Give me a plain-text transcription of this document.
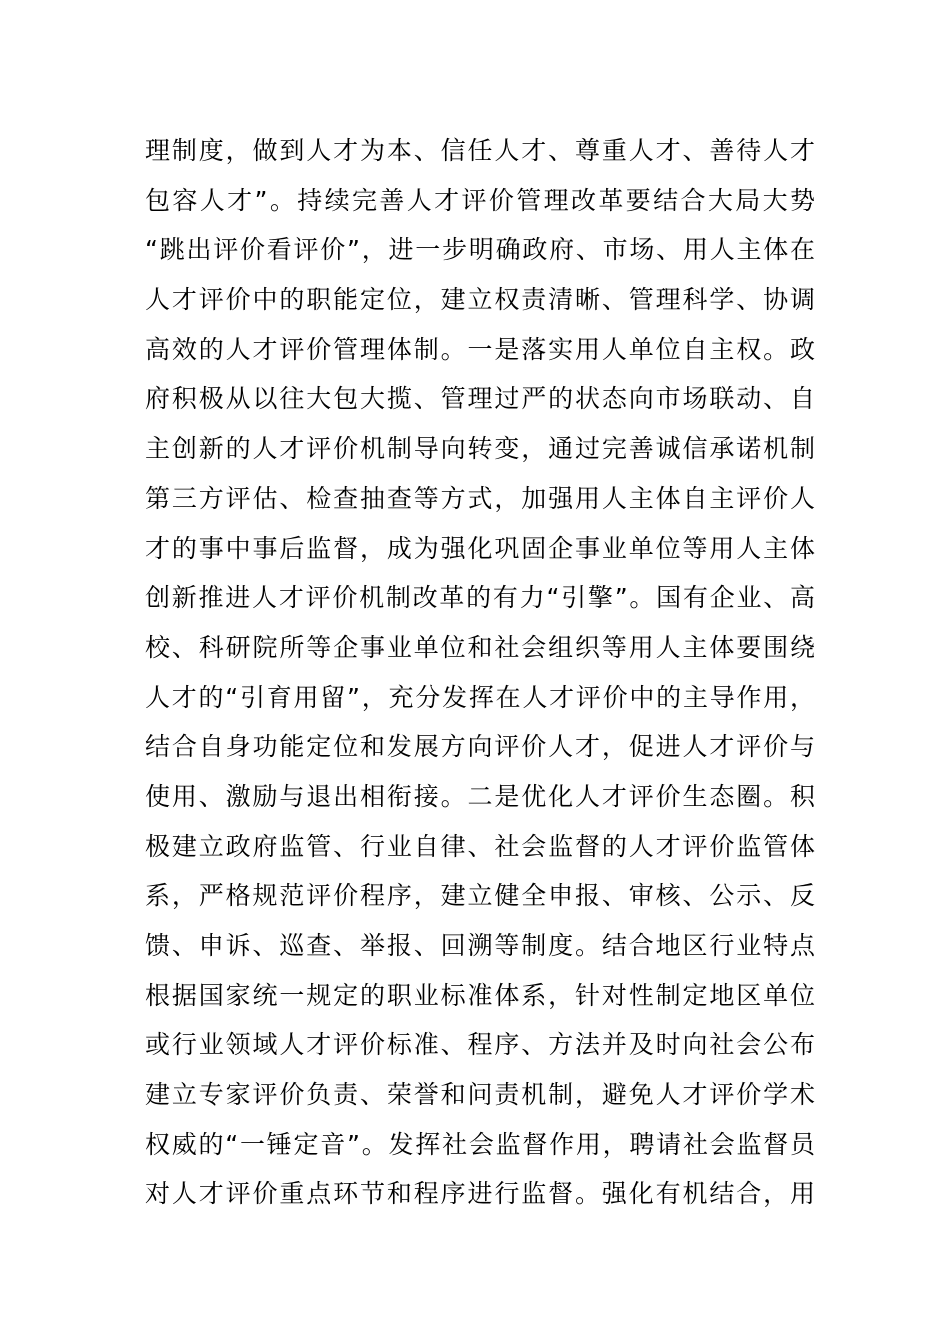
理制度，做到人才为本、信任人才、尊重人才、善待人才
包容人才”。持续完善人才评价管理改革要结合大局大势
“跳出评价看评价”，进一步明确政府、市场、用人主体在
人才评价中的职能定位，建立权责清晰、管理科学、协调
高效的人才评价管理体制。一是落实用人单位自主权。政
府积极从以往大包大揽、管理过严的状态向市场联动、自
主创新的人才评价机制导向转变，通过完善诚信承诺机制
第三方评估、检查抽查等方式，加强用人主体自主评价人
才的事中事后监督，成为强化巩固企事业单位等用人主体
创新推进人才评价机制改革的有力“引擎”。国有企业、高
校、科研院所等企事业单位和社会组织等用人主体要围绕
人才的“引育用留”，充分发挥在人才评价中的主导作用，
结合自身功能定位和发展方向评价人才，促进人才评价与
使用、激励与退出相衔接。二是优化人才评价生态圈。积
极建立政府监管、行业自律、社会监督的人才评价监管体
系，严格规范评价程序，建立健全申报、审核、公示、反
馈、申诉、巡查、举报、回溯等制度。结合地区行业特点
根据国家统一规定的职业标准体系，针对性制定地区单位
或行业领域人才评价标准、程序、方法并及时向社会公布
建立专家评价负责、荣誉和问责机制，避免人才评价学术
权威的“一锤定音”。发挥社会监督作用，聘请社会监督员
对人才评价重点环节和程序进行监督。强化有机结合，用
